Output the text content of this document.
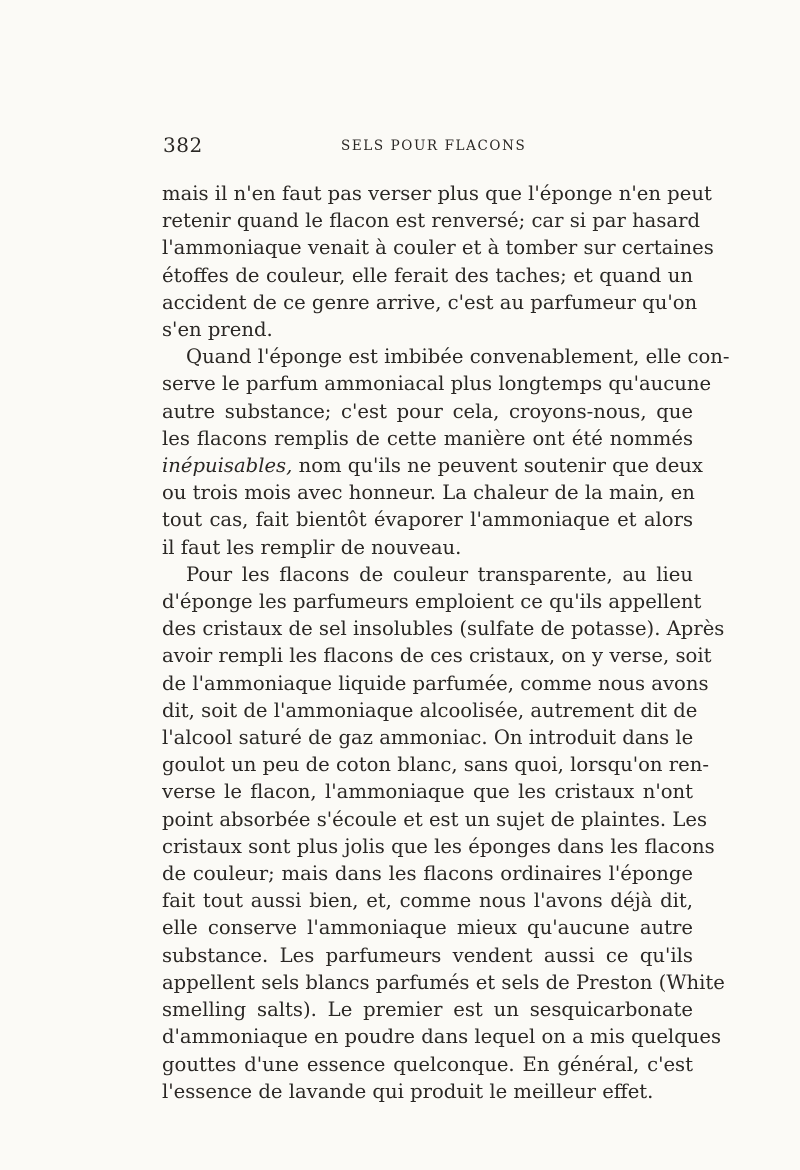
382	SELS POUR FLACONS
mais il n'en faut pas verser plus que l'éponge n'en peut
retenir quand le flacon est renversé; car si par hasard
l'ammoniaque venait à couler et à tomber sur certaines
étoffes de couleur, elle ferait des taches; et quand un
accident de ce genre arrive, c'est au parfumeur qu'on
s'en prend.
Quand l'éponge est imbibée convenablement, elle con-
serve le parfum ammoniacal plus longtemps qu'aucune
autre substance; c'est pour cela, croyons-nous, que
les flacons remplis de cette manière ont été nommés
inépuisables, nom qu'ils ne peuvent soutenir que deux
ou trois mois avec honneur. La chaleur de la main, en
tout cas, fait bientôt évaporer l'ammoniaque et alors
il faut les remplir de nouveau.
Pour les flacons de couleur transparente, au lieu
d'éponge les parfumeurs emploient ce qu'ils appellent
des cristaux de sel insolubles (sulfate de potasse). Après
avoir rempli les flacons de ces cristaux, on y verse, soit
de l'ammoniaque liquide parfumée, comme nous avons
dit, soit de l'ammoniaque alcoolisée, autrement dit de
l'alcool saturé de gaz ammoniac. On introduit dans le
goulot un peu de coton blanc, sans quoi, lorsqu'on ren-
verse le flacon, l'ammoniaque que les cristaux n'ont
point absorbée s'écoule et est un sujet de plaintes. Les
cristaux sont plus jolis que les éponges dans les flacons
de couleur; mais dans les flacons ordinaires l'éponge
fait tout aussi bien, et, comme nous l'avons déjà dit,
elle conserve l'ammoniaque mieux qu'aucune autre
substance. Les parfumeurs vendent aussi ce qu'ils
appellent sels blancs parfumés et sels de Preston (White
smelling salts). Le premier est un sesquicarbonate
d'ammoniaque en poudre dans lequel on a mis quelques
gouttes d'une essence quelconque. En général, c'est
l'essence de lavande qui produit le meilleur effet.
